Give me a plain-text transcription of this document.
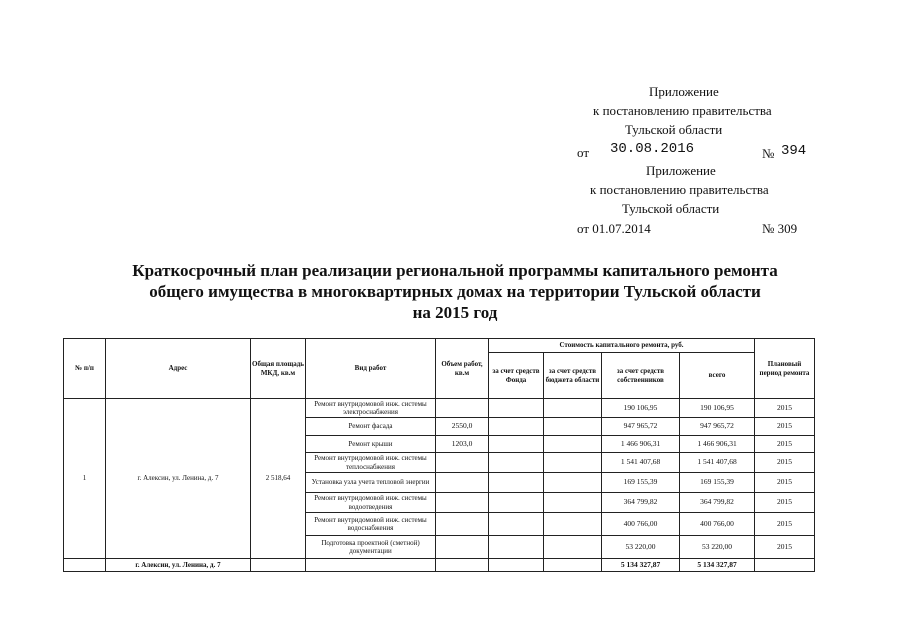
Приложение
к постановлению правительства
Тульской области
от 30.08.2016	№ 394
Приложение
к постановлению правительства
Тульской области
от 01.07.2014	№ 309
Краткосрочный план реализации региональной программы капитального ремонта
общего имущества в многоквартирных домах на территории Тульской области
на 2015 год
№ п/п	Адрес	Общая площадь МКД, кв.м	Вид работ	Объем работ, кв.м	Стоимость капитального ремонта, руб.				Плановый период ремонта
					за счет средств Фонда	за счет средств бюджета области	за счет средств собственников	всего	
1	г. Алексин, ул. Ленина, д. 7	2 518,64	Ремонт внутридомовой инж. системы электроснабжения				190 106,95	190 106,95	2015
			Ремонт фасада	2550,0			947 965,72	947 965,72	2015
			Ремонт крыши	1203,0			1 466 906,31	1 466 906,31	2015
			Ремонт внутридомовой инж. системы теплоснабжения				1 541 407,68	1 541 407,68	2015
			Установка узла учета тепловой энергии				169 155,39	169 155,39	2015
			Ремонт внутридомовой инж. системы водоотведения				364 799,82	364 799,82	2015
			Ремонт внутридомовой инж. системы водоснабжения				400 766,00	400 766,00	2015
			Подготовка проектной (сметной) документации				53 220,00	53 220,00	2015
	г. Алексин, ул. Ленина, д. 7						5 134 327,87	5 134 327,87	
